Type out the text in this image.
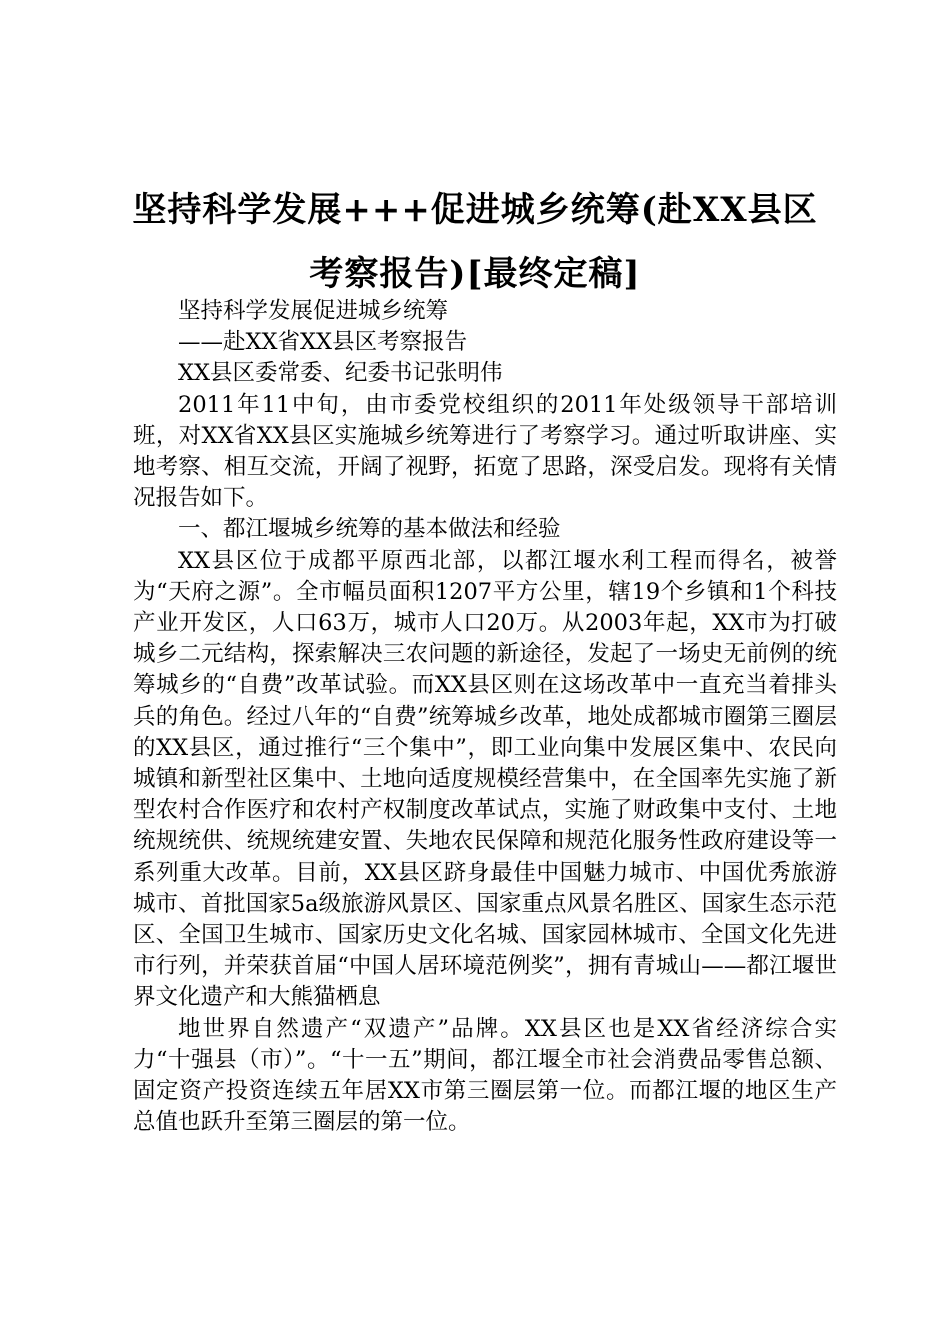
坚持科学发展+++促进城乡统筹(赴XX县区考察报告)[最终定稿]

坚持科学发展促进城乡统筹

——赴XX省XX县区考察报告

XX县区委常委、纪委书记张明伟

2011年11中旬，由市委党校组织的2011年处级领导干部培训班，对XX省XX县区实施城乡统筹进行了考察学习。通过听取讲座、实地考察、相互交流，开阔了视野，拓宽了思路，深受启发。现将有关情况报告如下。

一、都江堰城乡统筹的基本做法和经验

XX县区位于成都平原西北部，以都江堰水利工程而得名，被誉为“天府之源”。全市幅员面积1207平方公里，辖19个乡镇和1个科技产业开发区，人口63万，城市人口20万。从2003年起，XX市为打破城乡二元结构，探索解决三农问题的新途径，发起了一场史无前例的统筹城乡的“自费”改革试验。而XX县区则在这场改革中一直充当着排头兵的角色。经过八年的“自费”统筹城乡改革，地处成都城市圈第三圈层的XX县区，通过推行“三个集中”，即工业向集中发展区集中、农民向城镇和新型社区集中、土地向适度规模经营集中，在全国率先实施了新型农村合作医疗和农村产权制度改革试点，实施了财政集中支付、土地统规统供、统规统建安置、失地农民保障和规范化服务性政府建设等一系列重大改革。目前，XX县区跻身最佳中国魅力城市、中国优秀旅游城市、首批国家5a级旅游风景区、国家重点风景名胜区、国家生态示范区、全国卫生城市、国家历史文化名城、国家园林城市、全国文化先进市行列，并荣获首届“中国人居环境范例奖”，拥有青城山——都江堰世界文化遗产和大熊猫栖息

地世界自然遗产“双遗产”品牌。XX县区也是XX省经济综合实力“十强县（市）”。“十一五”期间，都江堰全市社会消费品零售总额、固定资产投资连续五年居XX市第三圈层第一位。而都江堰的地区生产总值也跃升至第三圈层的第一位。
